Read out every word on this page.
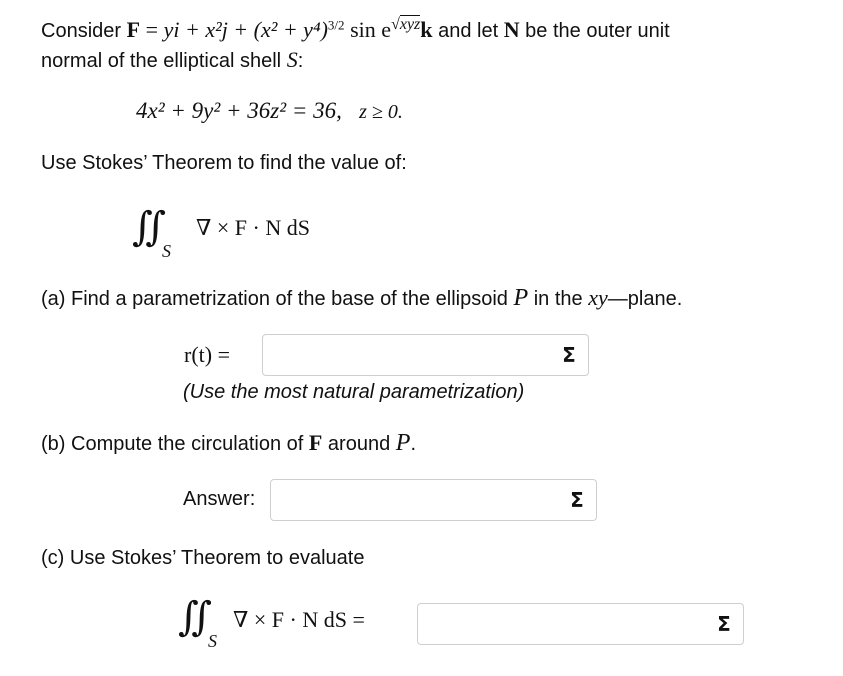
Consider F = yi + $x^2j + (x^2 + y^4)^{3/2}$ $\sin e^{√xyz}k$ and let N be the outer unit
normal of the elliptical shell S:
4x² + 9y² + 36z² = 36, z ≥ 0.
Use Stokes’ Theorem to find the value of:
∬
S
∇ × F · N dS
(a) Find a parametrization of the base of the ellipsoid P in the xy—plane.
r(t) =	Σ
(Use the most natural parametrization)
(b) Compute the circulation of F around P.
Answer:	Σ
(c) Use Stokes’ Theorem to evaluate
∬
S
∇ × F · N dS =	Σ
